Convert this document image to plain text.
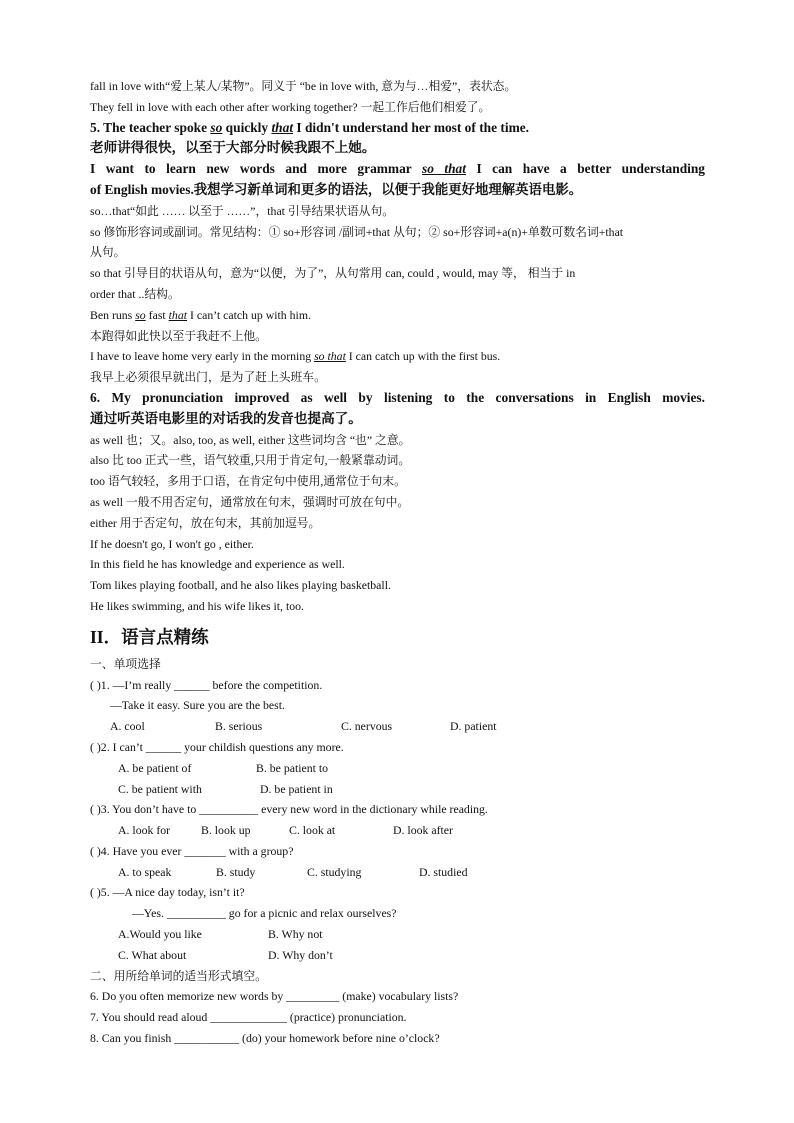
fall in love with“爱上某人/某物”。同义于 “be in love with, 意为与…相爱”，表状态。
They fell in love with each other after working together? 一起工作后他们相爱了。
5. The teacher spoke so quickly that I didn't understand her most of the time.
老师讲得很快，以至于大部分时候我跟不上她。
I want to learn new words and more grammar so that I can have a better understanding
of English movies.我想学习新单词和更多的语法，以便于我能更好地理解英语电影。
so…that“如此 …… 以至于 ……”，that 引导结果状语从句。
so 修饰形容词或副词。常见结构：① so+形容词 /副词+that 从句；② so+形容词+a(n)+单数可数名词+that
从句。
so that 引导目的状语从句，意为“以便，为了”，从句常用 can, could , would, may 等， 相当于 in
order that ..结构。
Ben runs so fast that I can’t catch up with him.
本跑得如此快以至于我赶不上他。
I have to leave home very early in the morning so that I can catch up with the first bus.
我早上必须很早就出门，是为了赶上头班车。
6. My pronunciation improved as well by listening to the conversations in English movies.
通过听英语电影里的对话我的发音也提高了。
as well 也；又。also, too, as well, either 这些词均含 “也” 之意。
also 比 too 正式一些，语气较重,只用于肯定句,一般紧靠动词。
too 语气较轻，多用于口语，在肯定句中使用,通常位于句末。
as well 一般不用否定句，通常放在句末，强调时可放在句中。
either 用于否定句，放在句末，其前加逗号。
If he doesn't go, I won't go , either.
In this field he has knowledge and experience as well.
Tom likes playing football, and he also likes playing basketball.
He likes swimming, and his wife likes it, too.
II．语言点精练
一、单项选择
( )1. —I’m really ______ before the competition.
—Take it easy. Sure you are the best.
A. cool	B. serious	C. nervous	D. patient
( )2. I can’t ______ your childish questions any more.
A. be patient of	B. be patient to
C. be patient with	D. be patient in
( )3. You don’t have to __________ every new word in the dictionary while reading.
A. look for	B. look up	C. look at	D. look after
( )4. Have you ever _______ with a group?
A. to speak	B. study	C. studying	D. studied
( )5. —A nice day today, isn’t it?
—Yes. __________ go for a picnic and relax ourselves?
A.Would you like	B. Why not
C. What about	D. Why don’t
二、用所给单词的适当形式填空。
6. Do you often memorize new words by _________ (make) vocabulary lists?
7. You should read aloud _____________ (practice) pronunciation.
8. Can you finish ___________ (do) your homework before nine o’clock?
